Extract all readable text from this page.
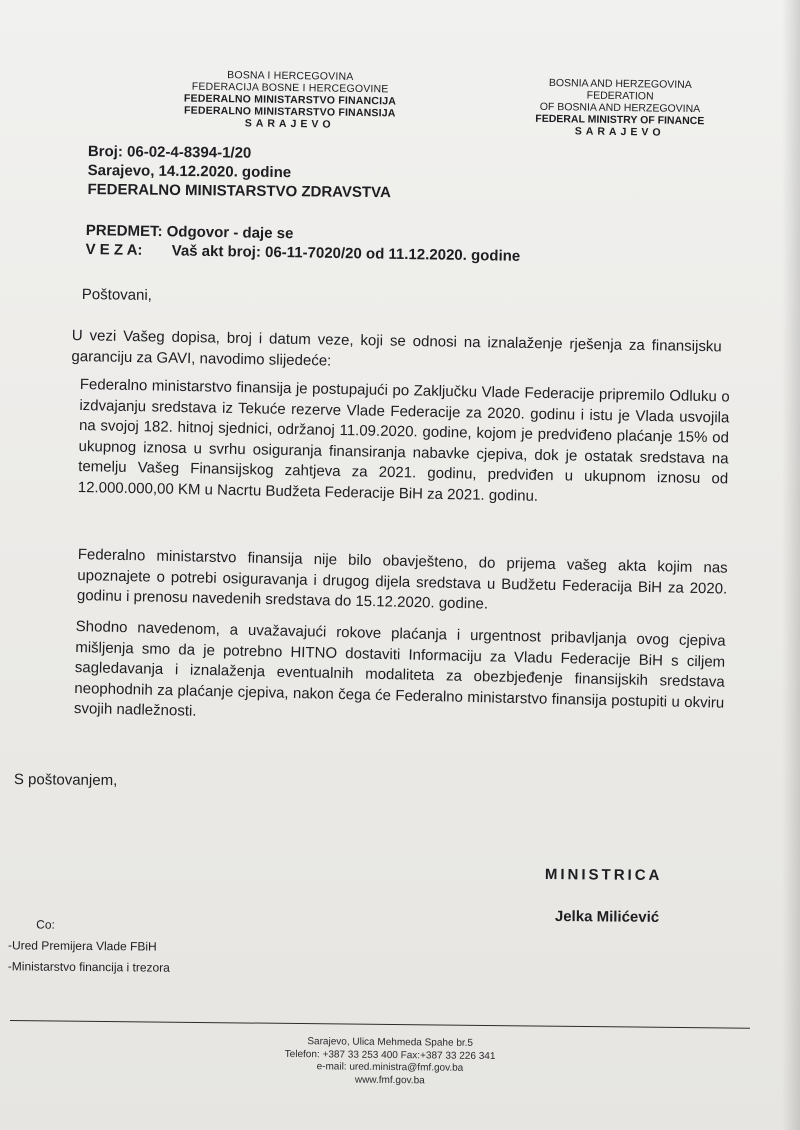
BOSNA I HERCEGOVINA
FEDERACIJA BOSNE I HERCEGOVINE
FEDERALNO MINISTARSTVO FINANCIJA
FEDERALNO MINISTARSTVO FINANSIJA
SARAJEVO
BOSNIA AND HERZEGOVINA
FEDERATION
OF BOSNIA AND HERZEGOVINA
FEDERAL MINISTRY OF FINANCE
SARAJEVO
Broj: 06-02-4-8394-1/20
Sarajevo, 14.12.2020. godine
FEDERALNO MINISTARSTVO ZDRAVSTVA
PREDMET: Odgovor - daje se
V E Z A: Vaš akt broj: 06-11-7020/20 od 11.12.2020. godine
Poštovani,
U vezi Vašeg dopisa, broj i datum veze, koji se odnosi na iznalaženje rješenja za finansijsku garanciju za GAVI, navodimo slijedeće:
Federalno ministarstvo finansija je postupajući po Zaključku Vlade Federacije pripremilo Odluku o izdvajanju sredstava iz Tekuće rezerve Vlade Federacije za 2020. godinu i istu je Vlada usvojila na svojoj 182. hitnoj sjednici, održanoj 11.09.2020. godine, kojom je predviđeno plaćanje 15% od ukupnog iznosa u svrhu osiguranja finansiranja nabavke cjepiva, dok je ostatak sredstava na temelju Vašeg Finansijskog zahtjeva za 2021. godinu, predviđen u ukupnom iznosu od 12.000.000,00 KM u Nacrtu Budžeta Federacije BiH za 2021. godinu.
Federalno ministarstvo finansija nije bilo obavješteno, do prijema vašeg akta kojim nas upoznajete o potrebi osiguravanja i drugog dijela sredstava u Budžetu Federacija BiH za 2020. godinu i prenosu navedenih sredstava do 15.12.2020. godine.
Shodno navedenom, a uvažavajući rokove plaćanja i urgentnost pribavljanja ovog cjepiva mišljenja smo da je potrebno HITNO dostaviti Informaciju za Vladu Federacije BiH s ciljem sagledavanja i iznalaženja eventualnih modaliteta za obezbjeđenje finansijskih sredstava neophodnih za plaćanje cjepiva, nakon čega će Federalno ministarstvo finansija postupiti u okviru svojih nadležnosti.
S poštovanjem,
MINISTRICA
Jelka Milićević
Co:
-Ured Premijera Vlade FBiH
-Ministarstvo financija i trezora
Sarajevo, Ulica Mehmeda Spahe br.5
Telefon: +387 33 253 400 Fax:+387 33 226 341
e-mail: ured.ministra@fmf.gov.ba
www.fmf.gov.ba
